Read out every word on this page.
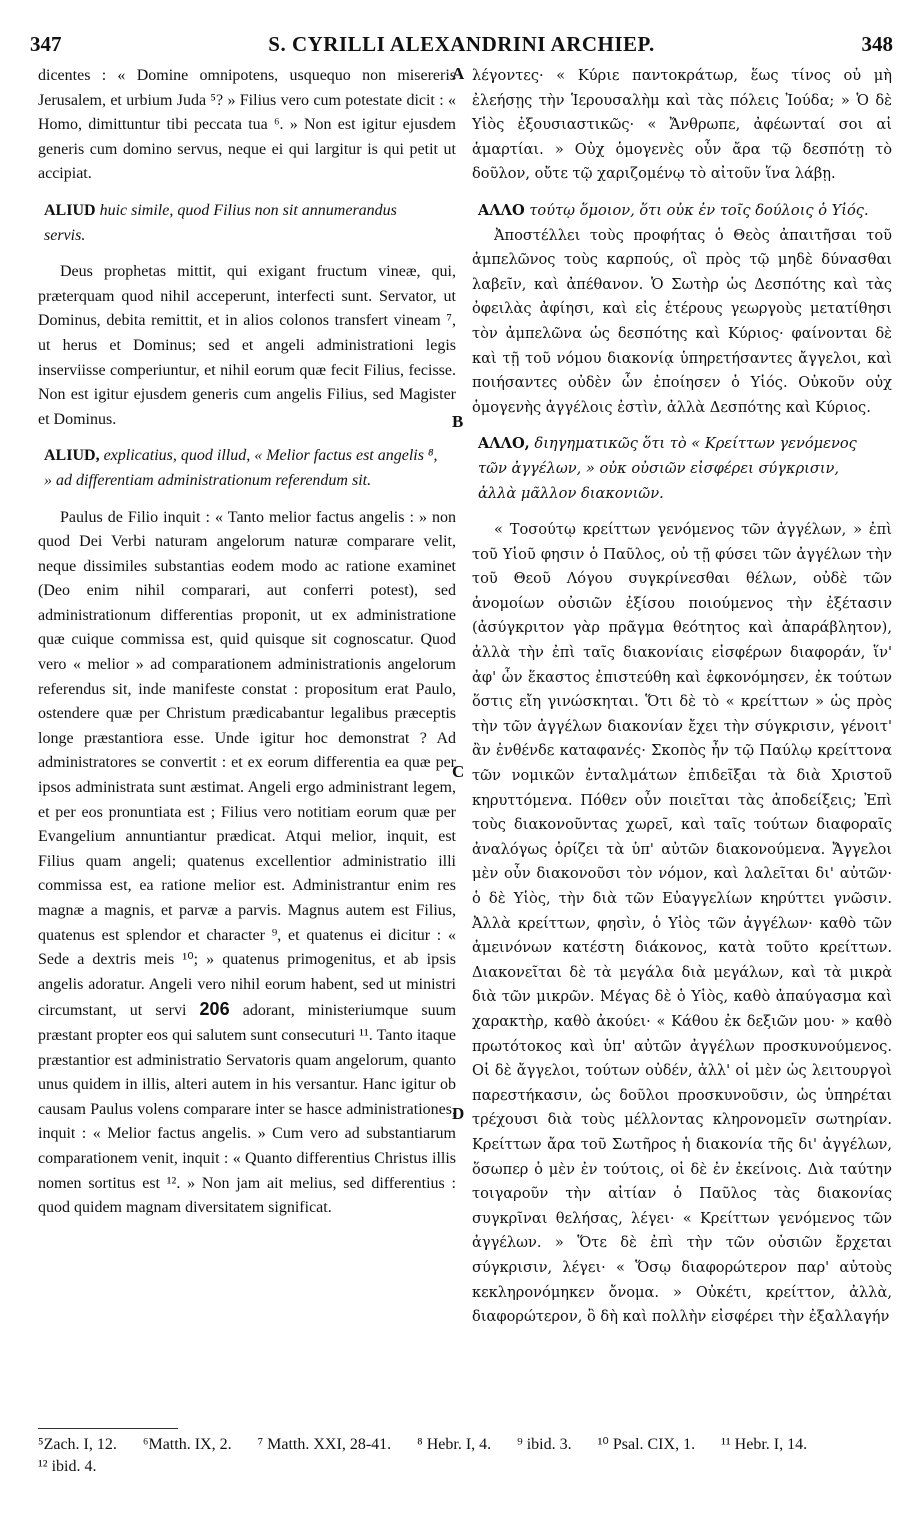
347	S. CYRILLI ALEXANDRINI ARCHIEP.	348

dicentes : « Domine omnipotens, usquequo non misereris Jerusalem, et urbium Juda ⁵? » Filius vero cum potestate dicit : « Homo, dimittuntur tibi peccata tua ⁶. » Non est igitur ejusdem generis cum domino servus, neque ei qui largitur is qui petit ut accipiat.

ALIUD huic simile, quod Filius non sit annumerandus servis.

Deus prophetas mittit, qui exigant fructum vineæ, qui, præterquam quod nihil acceperunt, interfecti sunt. Servator, ut Dominus, debita remittit, et in alios colonos transfert vineam ⁷, ut herus et Dominus; sed et angeli administrationi legis inserviisse comperiuntur, et nihil eorum quæ fecit Filius, fecisse. Non est igitur ejusdem generis cum angelis Filius, sed Magister et Dominus.

ALIUD, explicatius, quod illud, « Melior factus est angelis ⁸, » ad differentiam administrationum referendum sit.

Paulus de Filio inquit : « Tanto melior factus angelis : » non quod Dei Verbi naturam angelorum naturæ comparare velit, neque dissimiles substantias eodem modo ac ratione examinet (Deo enim nihil comparari, aut conferri potest), sed administrationum differentias proponit, ut ex administratione quæ cuique commissa est, quid quisque sit cognoscatur. Quod vero « melior » ad comparationem administrationis angelorum referendus sit, inde manifeste constat : propositum erat Paulo, ostendere quæ per Christum prædicabantur legalibus præceptis longe præstantiora esse. Unde igitur hoc demonstrat ? Ad administratores se convertit : et ex eorum differentia ea quæ per ipsos administrata sunt æstimat. Angeli ergo administrant legem, et per eos pronuntiata est ; Filius vero notitiam eorum quæ per Evangelium annuntiantur prædicat. Atqui melior, inquit, est Filius quam angeli; quatenus excellentior administratio illi commissa est, ea ratione melior est. Administrantur enim res magnæ a magnis, et parvæ a parvis. Magnus autem est Filius, quatenus est splendor et character ⁹, et quatenus ei dicitur : « Sede a dextris meis ¹⁰; » quatenus primogenitus, et ab ipsis angelis adoratur. Angeli vero nihil eorum habent, sed ut ministri circumstant, ut servi 206 adorant, ministeriumque suum præstant propter eos qui salutem sunt consecuturi ¹¹. Tanto itaque præstantior est administratio Servatoris quam angelorum, quanto unus quidem in illis, alteri autem in his versantur. Hanc igitur ob causam Paulus volens comparare inter se hasce administrationes, inquit : « Melior factus angelis. » Cum vero ad substantiarum comparationem venit, inquit : « Quanto differentius Christus illis nomen sortitus est ¹². » Non jam ait melius, sed differentius : quod quidem magnam diversitatem significat.

A
B
C
D

λέγοντες· « Κύριε παντοκράτωρ, ἕως τίνος οὐ μὴ ἐλεήσῃς τὴν Ἱερουσαλὴμ καὶ τὰς πόλεις Ἰούδα; » Ὁ δὲ Υἱὸς ἐξουσιαστικῶς· « Ἄνθρωπε, ἀφέωνταί σοι αἱ ἁμαρτίαι. » Οὐχ ὁμογενὲς οὖν ἄρα τῷ δεσπότῃ τὸ δοῦλον, οὔτε τῷ χαριζομένῳ τὸ αἰτοῦν ἵνα λάβῃ.

ΑΛΛΟ τούτῳ ὅμοιον, ὅτι οὐκ ἐν τοῖς δούλοις ὁ Υἱός.

Ἀποστέλλει τοὺς προφήτας ὁ Θεὸς ἀπαιτῆσαι τοῦ ἀμπελῶνος τοὺς καρπούς, οἳ πρὸς τῷ μηδὲ δύνασθαι λαβεῖν, καὶ ἀπέθανον. Ὁ Σωτὴρ ὡς Δεσπότης καὶ τὰς ὀφειλὰς ἀφίησι, καὶ εἰς ἑτέρους γεωργοὺς μετατίθησι τὸν ἀμπελῶνα ὡς δεσπότης καὶ Κύριος· φαίνονται δὲ καὶ τῇ τοῦ νόμου διακονίᾳ ὑπηρετήσαντες ἄγγελοι, καὶ ποιήσαντες οὐδὲν ὧν ἐποίησεν ὁ Υἱός. Οὐκοῦν οὐχ ὁμογενὴς ἀγγέλοις ἐστὶν, ἀλλὰ Δεσπότης καὶ Κύριος.

ΑΛΛΟ, διηγηματικῶς ὅτι τὸ « Κρείττων γενόμενος τῶν ἀγγέλων, » οὐκ οὐσιῶν εἰσφέρει σύγκρισιν, ἀλλὰ μᾶλλον διακονιῶν.

« Τοσούτῳ κρείττων γενόμενος τῶν ἀγγέλων, » ἐπὶ τοῦ Υἱοῦ φησιν ὁ Παῦλος, οὐ τῇ φύσει τῶν ἀγγέλων τὴν τοῦ Θεοῦ Λόγου συγκρίνεσθαι θέλων, οὐδὲ τῶν ἀνομοίων οὐσιῶν ἐξίσου ποιούμενος τὴν ἐξέτασιν (ἀσύγκριτον γὰρ πρᾶγμα θεότητος καὶ ἀπαράβλητον), ἀλλὰ τὴν ἐπὶ ταῖς διακονίαις εἰσφέρων διαφοράν, ἵν' ἀφ' ὧν ἕκαστος ἐπιστεύθη καὶ ἐφκονόμησεν, ἐκ τούτων ὅστις εἴη γινώσκηται. Ὅτι δὲ τὸ « κρείττων » ὡς πρὸς τὴν τῶν ἀγγέλων διακονίαν ἔχει τὴν σύγκρισιν, γένοιτ' ἂν ἐνθένδε καταφανές· Σκοπὸς ἦν τῷ Παύλῳ κρείττονα τῶν νομικῶν ἐνταλμάτων ἐπιδεῖξαι τὰ διὰ Χριστοῦ κηρυττόμενα. Πόθεν οὖν ποιεῖται τὰς ἀποδείξεις; Ἐπὶ τοὺς διακονοῦντας χωρεῖ, καὶ ταῖς τούτων διαφοραῖς ἀναλόγως ὁρίζει τὰ ὑπ' αὐτῶν διακονούμενα. Ἄγγελοι μὲν οὖν διακονοῦσι τὸν νόμον, καὶ λαλεῖται δι' αὐτῶν· ὁ δὲ Υἱὸς, τὴν διὰ τῶν Εὐαγγελίων κηρύττει γνῶσιν. Ἀλλὰ κρείττων, φησὶν, ὁ Υἱὸς τῶν ἀγγέλων· καθὸ τῶν ἀμεινόνων κατέστη διάκονος, κατὰ τοῦτο κρείττων. Διακονεῖται δὲ τὰ μεγάλα διὰ μεγάλων, καὶ τὰ μικρὰ διὰ τῶν μικρῶν. Μέγας δὲ ὁ Υἱὸς, καθὸ ἀπαύγασμα καὶ χαρακτὴρ, καθὸ ἀκούει· « Κάθου ἐκ δεξιῶν μου· » καθὸ πρωτότοκος καὶ ὑπ' αὐτῶν ἀγγέλων προσκυνούμενος. Οἱ δὲ ἄγγελοι, τούτων οὐδέν, ἀλλ' οἱ μὲν ὡς λειτουργοὶ παρεστήκασιν, ὡς δοῦλοι προσκυνοῦσιν, ὡς ὑπηρέται τρέχουσι διὰ τοὺς μέλλοντας κληρονομεῖν σωτηρίαν. Κρείττων ἄρα τοῦ Σωτῆρος ἡ διακονία τῆς δι' ἀγγέλων, ὅσωπερ ὁ μὲν ἐν τούτοις, οἱ δὲ ἐν ἐκείνοις. Διὰ ταύτην τοιγαροῦν τὴν αἰτίαν ὁ Παῦλος τὰς διακονίας συγκρῖναι θελήσας, λέγει· « Κρείττων γενόμενος τῶν ἀγγέλων. » Ὅτε δὲ ἐπὶ τὴν τῶν οὐσιῶν ἔρχεται σύγκρισιν, λέγει· « Ὅσῳ διαφορώτερον παρ' αὐτοὺς κεκληρονόμηκεν ὄνομα. » Οὐκέτι, κρείττον, ἀλλὰ, διαφορώτερον, ὃ δὴ καὶ πολλὴν εἰσφέρει τὴν ἐξαλλαγήν

⁵Zach. I, 12. ⁶Matth. IX, 2. ⁷ Matth. XXI, 28-41. ⁸ Hebr. I, 4. ⁹ ibid. 3. ¹⁰ Psal. CIX, 1. ¹¹ Hebr. I, 14.
¹² ibid. 4.
